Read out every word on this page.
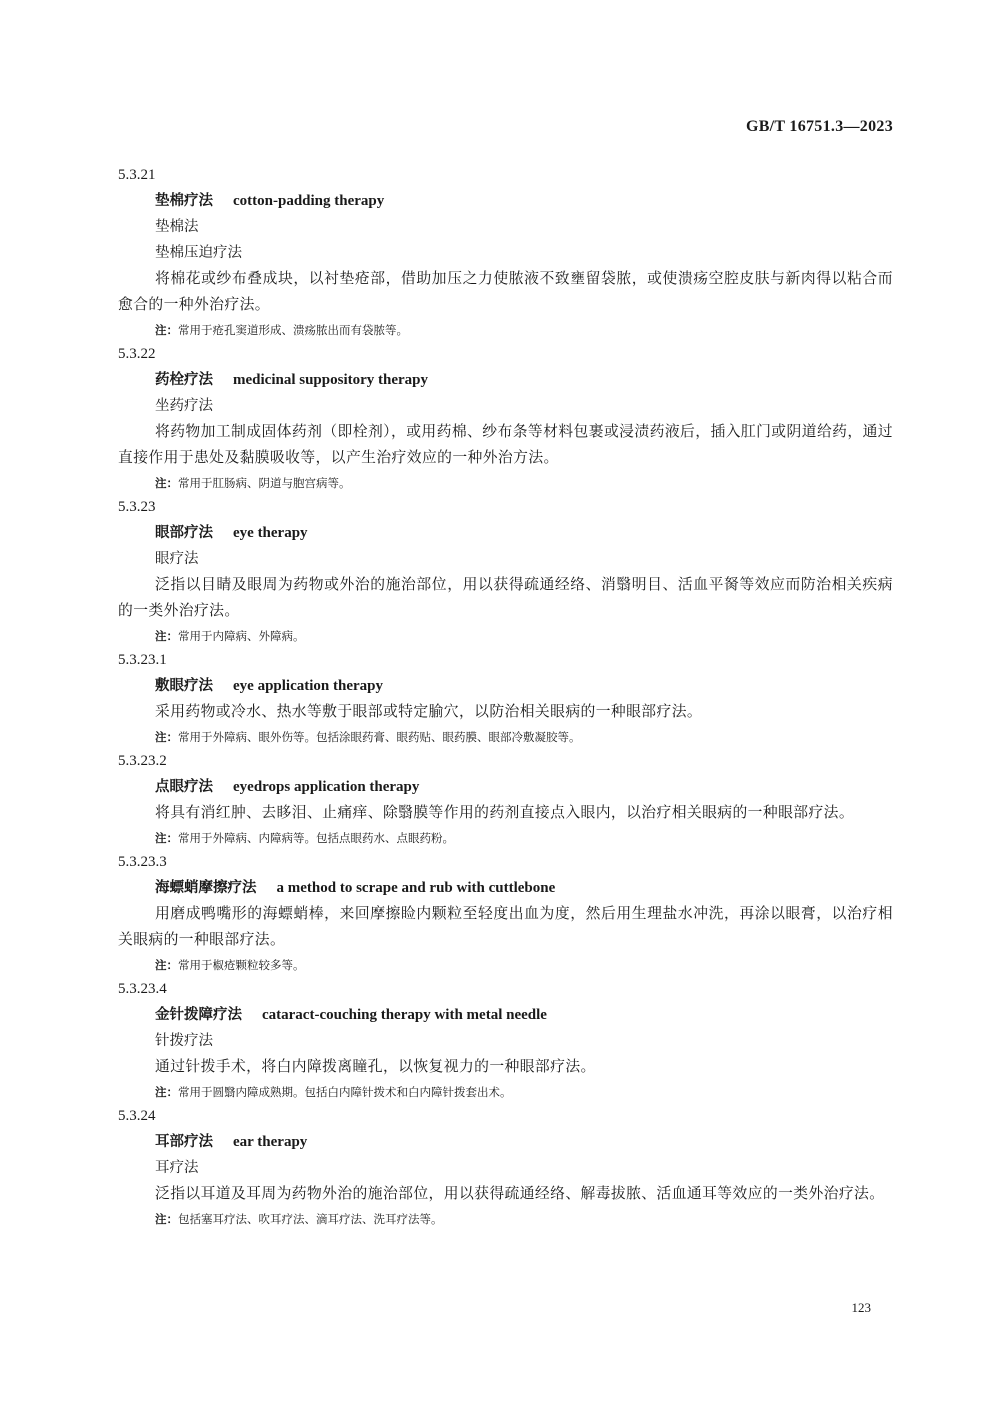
GB/T 16751.3—2023
5.3.21
垫棉疗法 cotton-padding therapy
垫棉法
垫棉压迫疗法
将棉花或纱布叠成块，以衬垫疮部，借助加压之力使脓液不致壅留袋脓，或使溃疡空腔皮肤与新肉得以粘合而愈合的一种外治疗法。
注：常用于疮孔窦道形成、溃疡脓出而有袋脓等。
5.3.22
药栓疗法 medicinal suppository therapy
坐药疗法
将药物加工制成固体药剂（即栓剂），或用药棉、纱布条等材料包裹或浸渍药液后，插入肛门或阴道给药，通过直接作用于患处及黏膜吸收等，以产生治疗效应的一种外治方法。
注：常用于肛肠病、阴道与胞宫病等。
5.3.23
眼部疗法 eye therapy
眼疗法
泛指以目睛及眼周为药物或外治的施治部位，用以获得疏通经络、消翳明目、活血平胬等效应而防治相关疾病的一类外治疗法。
注：常用于内障病、外障病。
5.3.23.1
敷眼疗法 eye application therapy
采用药物或冷水、热水等敷于眼部或特定腧穴，以防治相关眼病的一种眼部疗法。
注：常用于外障病、眼外伤等。包括涂眼药膏、眼药贴、眼药膜、眼部冷敷凝胶等。
5.3.23.2
点眼疗法 eyedrops application therapy
将具有消红肿、去眵泪、止痛痒、除翳膜等作用的药剂直接点入眼内，以治疗相关眼病的一种眼部疗法。
注：常用于外障病、内障病等。包括点眼药水、点眼药粉。
5.3.23.3
海螵蛸摩擦疗法 a method to scrape and rub with cuttlebone
用磨成鸭嘴形的海螵蛸棒，来回摩擦睑内颗粒至轻度出血为度，然后用生理盐水冲洗，再涂以眼膏，以治疗相关眼病的一种眼部疗法。
注：常用于椒疮颗粒较多等。
5.3.23.4
金针拨障疗法 cataract-couching therapy with metal needle
针拨疗法
通过针拨手术，将白内障拨离瞳孔，以恢复视力的一种眼部疗法。
注：常用于圆翳内障成熟期。包括白内障针拨术和白内障针拨套出术。
5.3.24
耳部疗法 ear therapy
耳疗法
泛指以耳道及耳周为药物外治的施治部位，用以获得疏通经络、解毒拔脓、活血通耳等效应的一类外治疗法。
注：包括塞耳疗法、吹耳疗法、滴耳疗法、洗耳疗法等。
123
